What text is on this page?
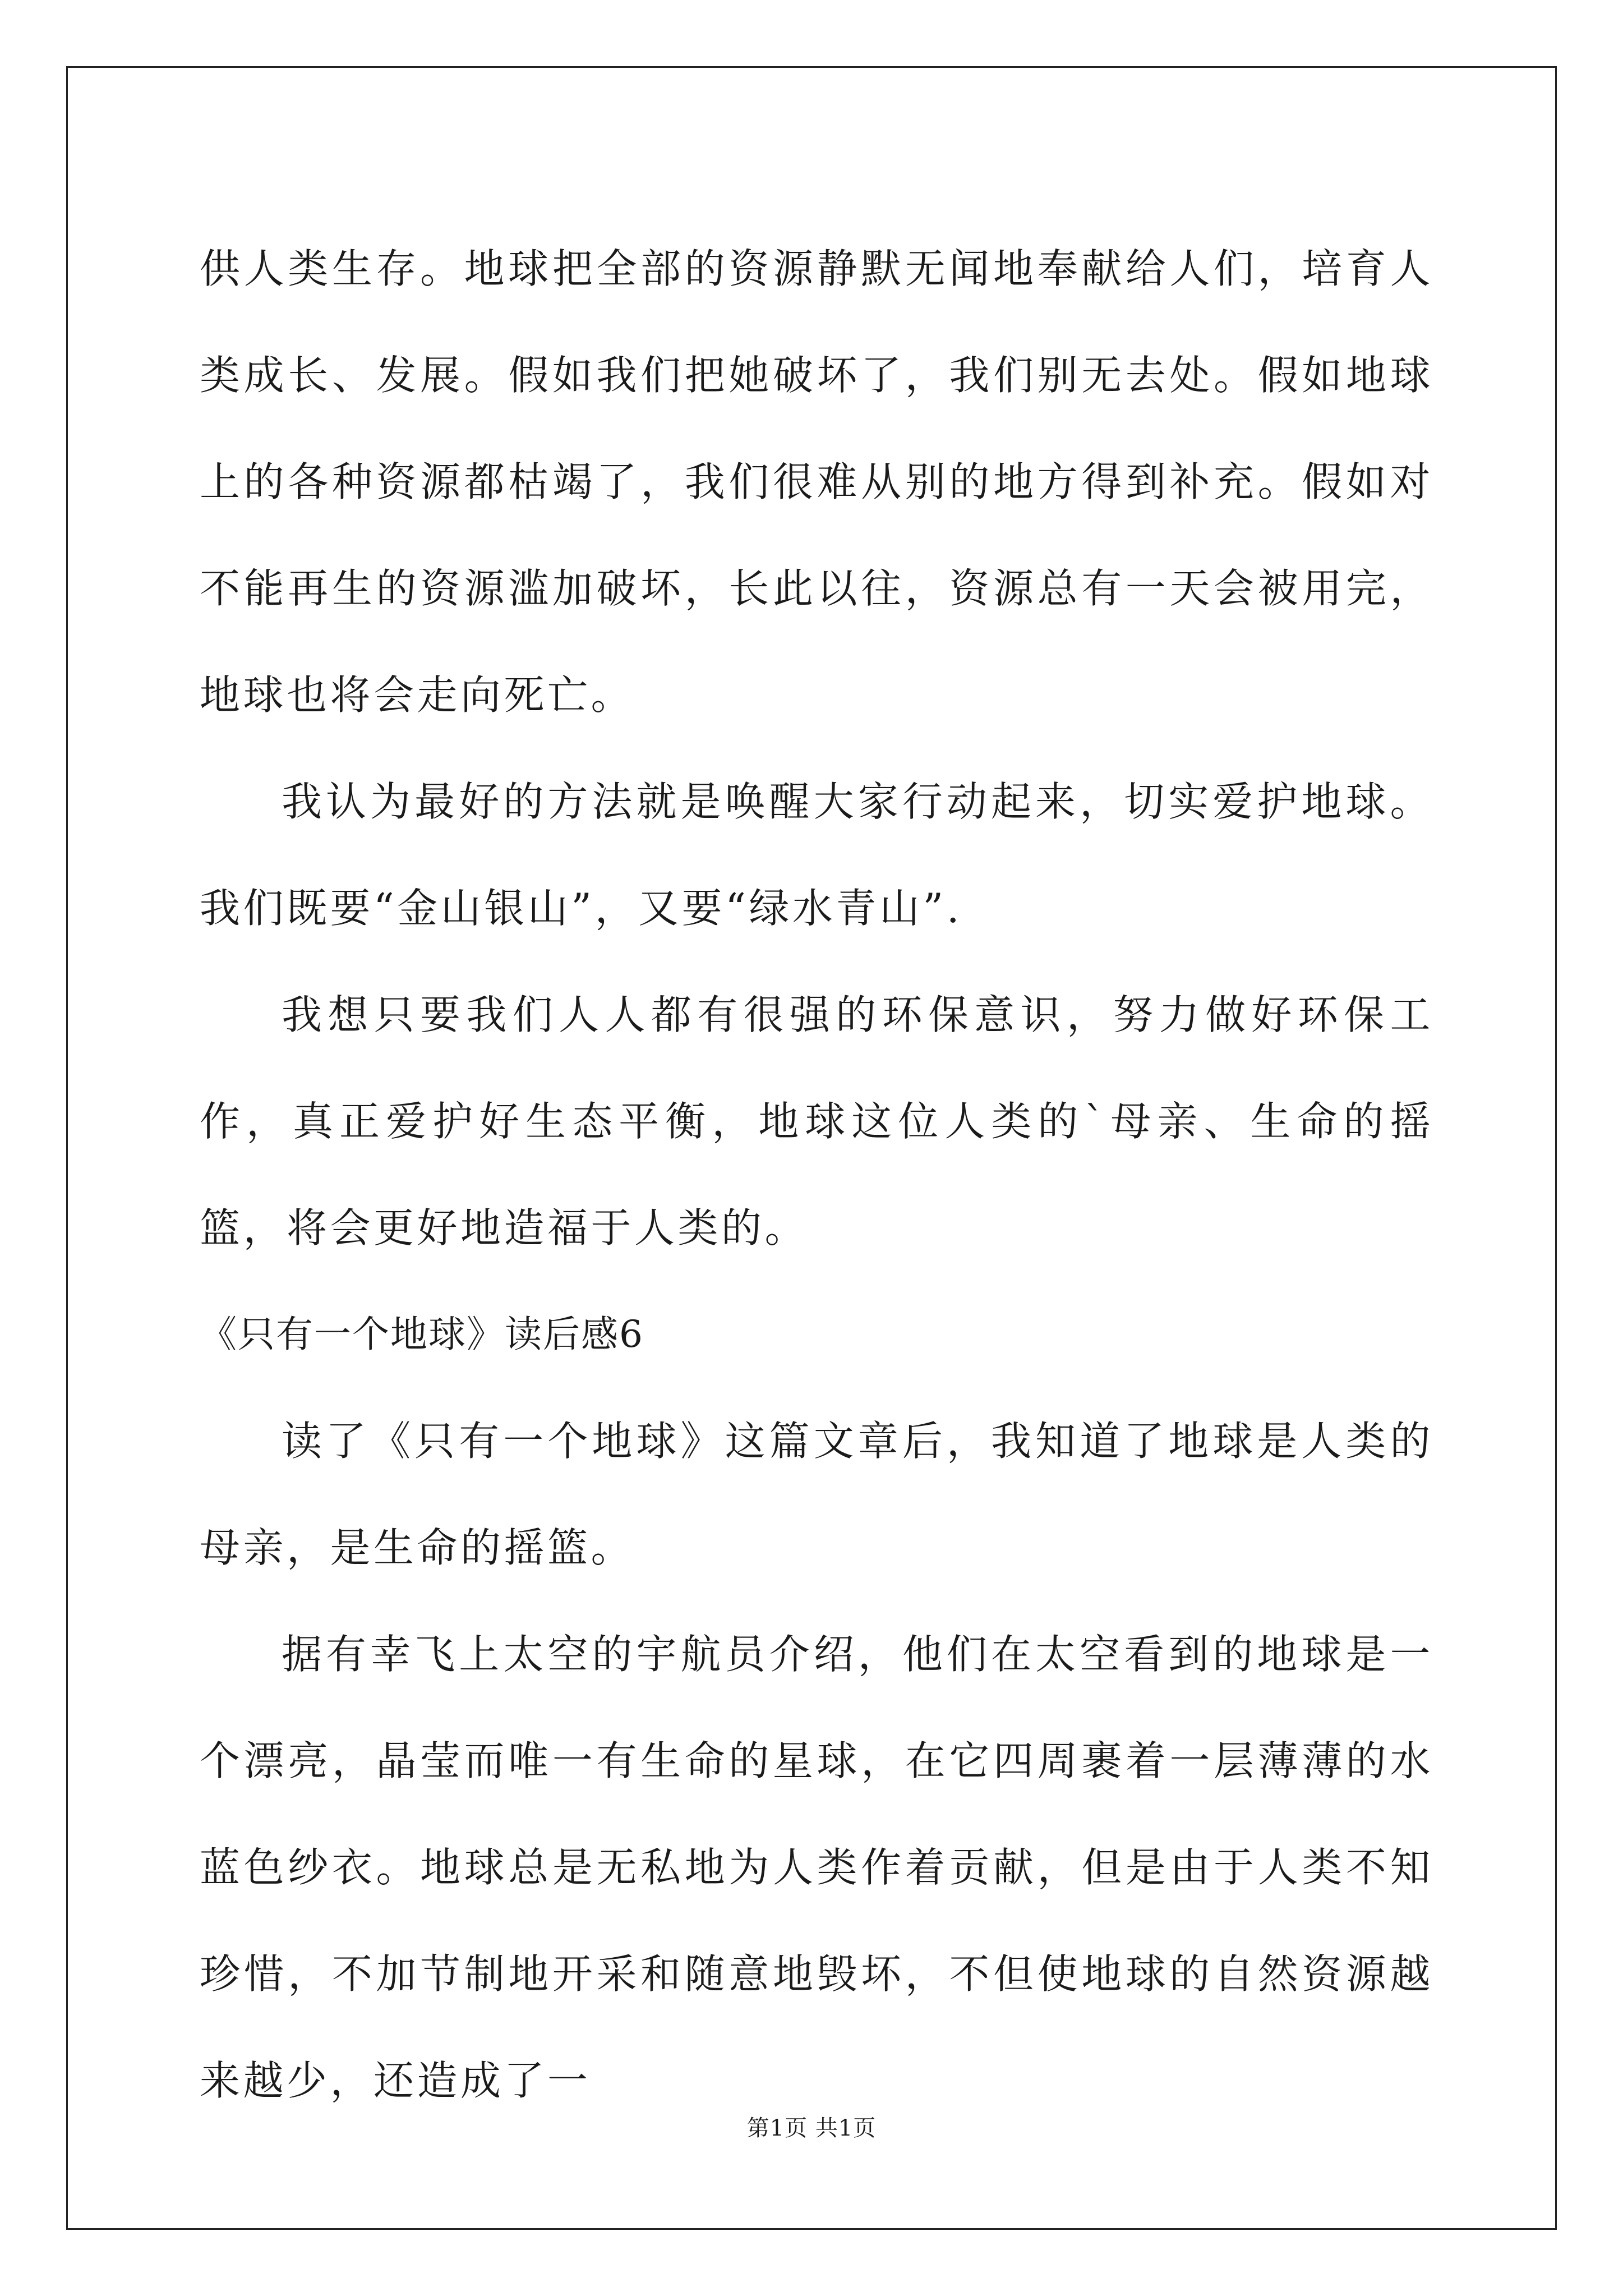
供人类生存。地球把全部的资源静默无闻地奉献给人们，培育人类成长、发展。假如我们把她破坏了，我们别无去处。假如地球上的各种资源都枯竭了，我们很难从别的地方得到补充。假如对不能再生的资源滥加破坏，长此以往，资源总有一天会被用完，地球也将会走向死亡。

我认为最好的方法就是唤醒大家行动起来，切实爱护地球。我们既要“金山银山”，又要“绿水青山”.

我想只要我们人人都有很强的环保意识，努力做好环保工作，真正爱护好生态平衡，地球这位人类的`母亲、生命的摇篮，将会更好地造福于人类的。

《只有一个地球》读后感6

读了《只有一个地球》这篇文章后，我知道了地球是人类的母亲，是生命的摇篮。

据有幸飞上太空的宇航员介绍，他们在太空看到的地球是一个漂亮，晶莹而唯一有生命的星球，在它四周裹着一层薄薄的水蓝色纱衣。地球总是无私地为人类作着贡献，但是由于人类不知珍惜，不加节制地开采和随意地毁坏，不但使地球的自然资源越来越少，还造成了一

第1页 共1页
